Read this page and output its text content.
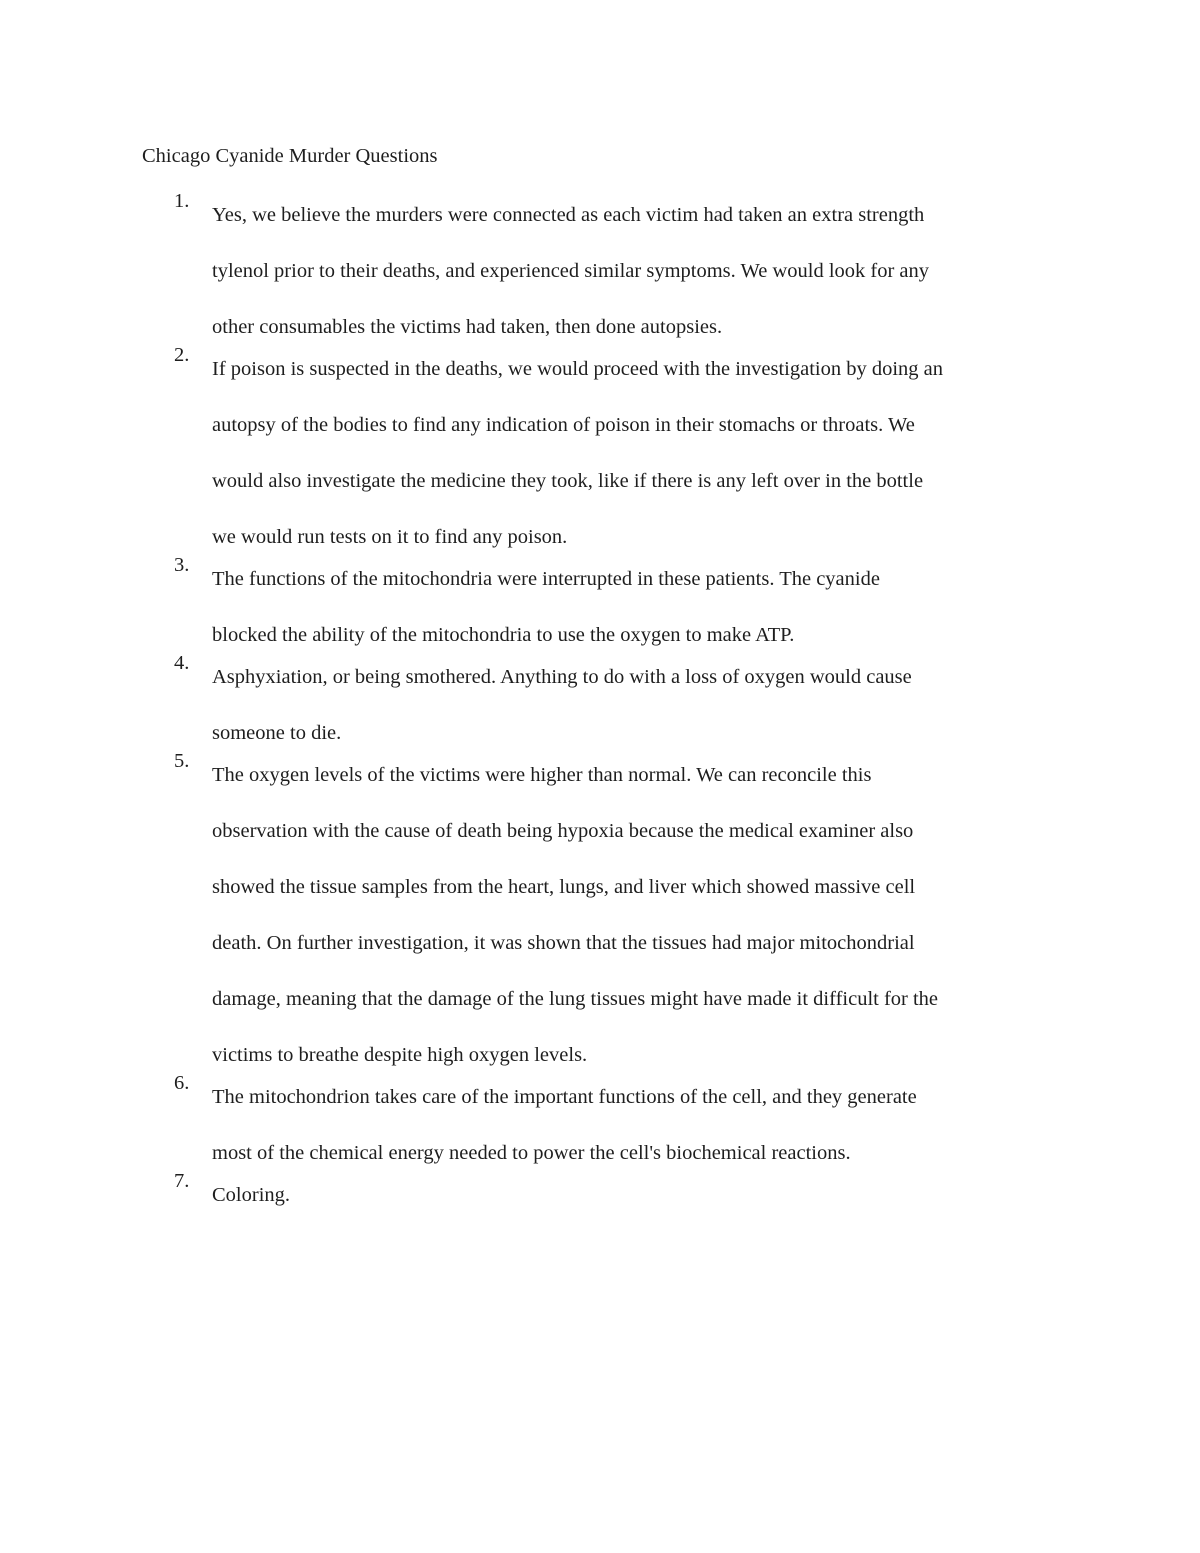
Chicago Cyanide Murder Questions
1.
Yes, we believe the murders were connected as each victim had taken an extra strength
tylenol prior to their deaths, and experienced similar symptoms. We would look for any
other consumables the victims had taken, then done autopsies.
2.
If poison is suspected in the deaths, we would proceed with the investigation by doing an
autopsy of the bodies to find any indication of poison in their stomachs or throats. We
would also investigate the medicine they took, like if there is any left over in the bottle
we would run tests on it to find any poison.
3.
The functions of the mitochondria were interrupted in these patients. The cyanide
blocked the ability of the mitochondria to use the oxygen to make ATP.
4.
Asphyxiation, or being smothered. Anything to do with a loss of oxygen would cause
someone to die.
5.
The oxygen levels of the victims were higher than normal. We can reconcile this
observation with the cause of death being hypoxia because the medical examiner also
showed the tissue samples from the heart, lungs, and liver which showed massive cell
death. On further investigation, it was shown that the tissues had major mitochondrial
damage, meaning that the damage of the lung tissues might have made it difficult for the
victims to breathe despite high oxygen levels.
6.
The mitochondrion takes care of the important functions of the cell, and they generate
most of the chemical energy needed to power the cell's biochemical reactions.
7.
Coloring.
